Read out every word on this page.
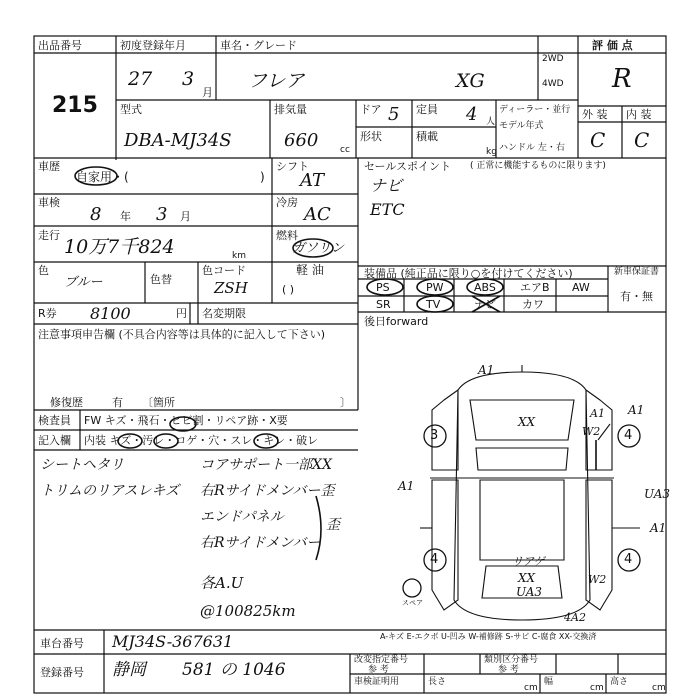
出品番号
215
初度登録年月
27 3
月
車名・グレード
フレア	XG
2WD
4WD
評 価 点
R
型式
DBA-MJ34S
排気量
660 cc
ドア 5 定員 4 人
ディーラー・並行
モデル年式
ハンドル 左・右
形状	積載
kg
外 装 内 装
C C
車歴
自家用・(	)
シフト
AT
車検
8 年 3 月
冷房
AC
走行
10万7千824	km
燃料
ガソリン
軽 油
( )
色
ブルー	色替
色コード
ZSH
R券 8100	円 名変期限
セールスポイント ( 正常に機能するものに限ります)
ナビ
ETC
装備品 (純正品に限り○を付けてください)	新車保証書
有・無
PS	PW	ABS エアB AW
SR	TV	ナビ カワ
後日forward
注意事項申告欄 (不具合内容等は具体的に記入して下さい)
修復歴	有 〔箇所	〕
検査員 FW キズ・飛石・ヒビ割・リペア跡・X要
記入欄 内装 キズ・汚レ・コゲ・穴・スレ・キレ・破レ
シートヘタリ
トリムのリアスレキズ
コアサポート一部XX
右Rサイドメンバー歪
エンドパネル
右Rサイドメンバー
歪
各A.U
@100825km
A1
A1
A1
A1
XX
W2
UA3
A1
3	4
4	4
リアゲ
XX
UA3
W2
4A2
スペア
A-キズ E-エクボ U-凹み W-補修跡 S-サビ C-腐食 XX-交換済
車台番号 MJ34S-367631
登録番号 静岡 581 の 1046	改変指定番号
参 考
類別区分番号
参 考
車検証明用	長さ
cm
幅
cm
高さ
cm
